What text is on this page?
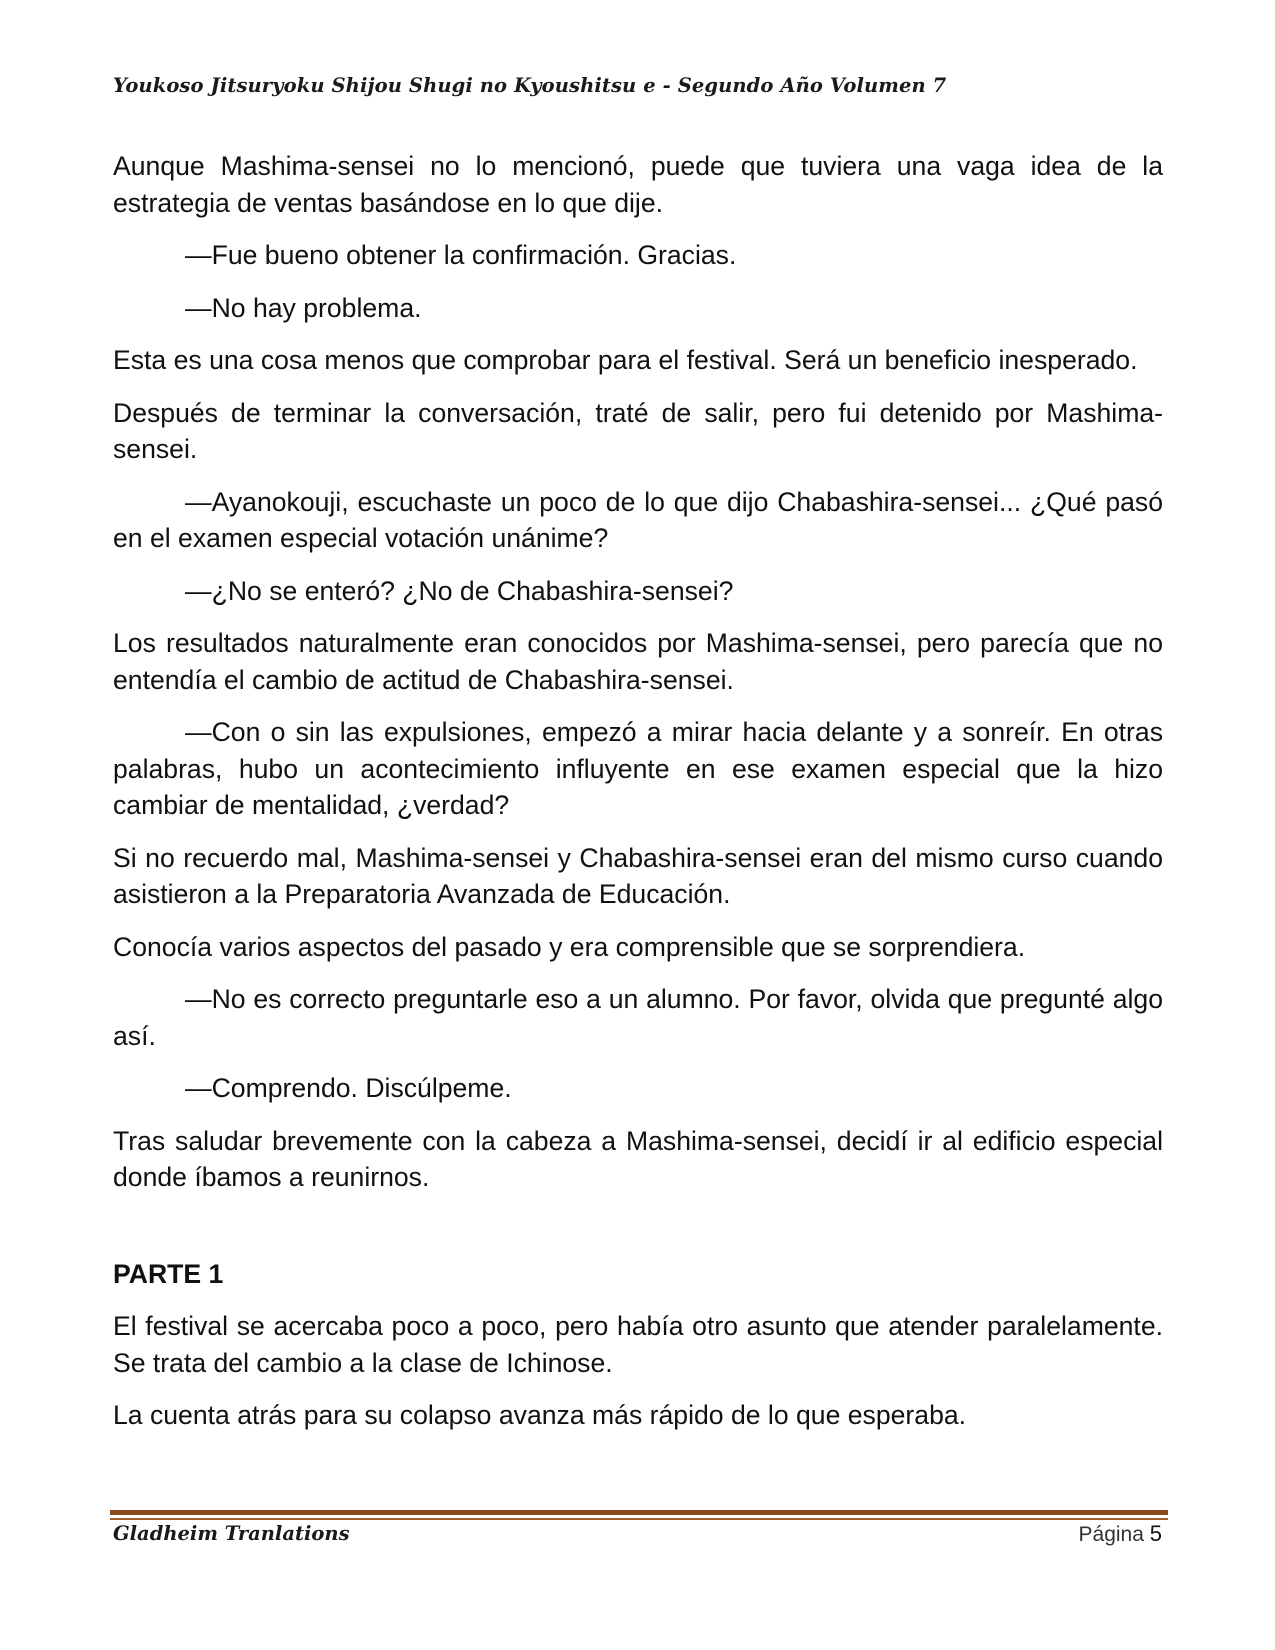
Youkoso Jitsuryoku Shijou Shugi no Kyoushitsu e - Segundo Año Volumen 7

Aunque Mashima-sensei no lo mencionó, puede que tuviera una vaga idea de la estrategia de ventas basándose en lo que dije.

—Fue bueno obtener la confirmación. Gracias.

—No hay problema.

Esta es una cosa menos que comprobar para el festival. Será un beneficio inesperado.

Después de terminar la conversación, traté de salir, pero fui detenido por Mashima-sensei.

—Ayanokouji, escuchaste un poco de lo que dijo Chabashira-sensei... ¿Qué pasó en el examen especial votación unánime?

—¿No se enteró? ¿No de Chabashira-sensei?

Los resultados naturalmente eran conocidos por Mashima-sensei, pero parecía que no entendía el cambio de actitud de Chabashira-sensei.

—Con o sin las expulsiones, empezó a mirar hacia delante y a sonreír. En otras palabras, hubo un acontecimiento influyente en ese examen especial que la hizo cambiar de mentalidad, ¿verdad?

Si no recuerdo mal, Mashima-sensei y Chabashira-sensei eran del mismo curso cuando asistieron a la Preparatoria Avanzada de Educación.

Conocía varios aspectos del pasado y era comprensible que se sorprendiera.

—No es correcto preguntarle eso a un alumno. Por favor, olvida que pregunté algo así.

—Comprendo. Discúlpeme.

Tras saludar brevemente con la cabeza a Mashima-sensei, decidí ir al edificio especial donde íbamos a reunirnos.

PARTE 1

El festival se acercaba poco a poco, pero había otro asunto que atender paralelamente. Se trata del cambio a la clase de Ichinose.

La cuenta atrás para su colapso avanza más rápido de lo que esperaba.

Gladheim Tranlations	Página 5
